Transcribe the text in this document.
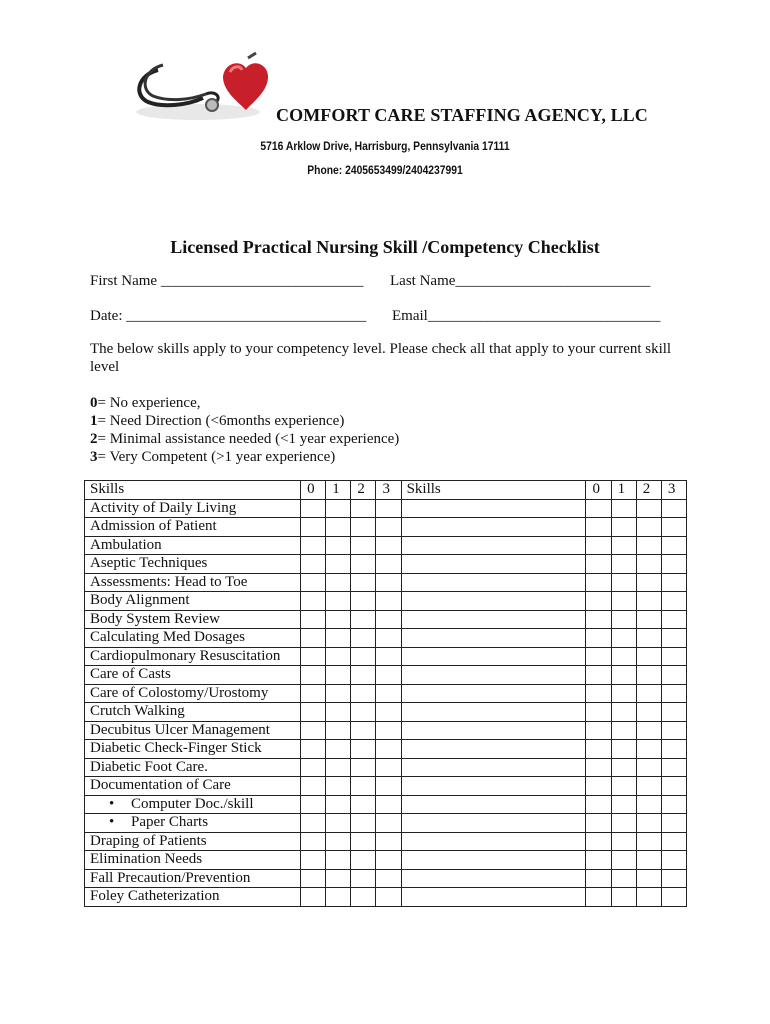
COMFORT CARE STAFFING AGENCY, LLC
5716 Arklow Drive, Harrisburg, Pennsylvania 17111
Phone: 2405653499/2404237991
Licensed Practical Nursing Skill /Competency Checklist
First Name ___________________________ Last Name__________________________
Date: ________________________________ Email_______________________________
The below skills apply to your competency level. Please check all that apply to your current skill level
0= No experience,
1= Need Direction (<6months experience)
2= Minimal assistance needed (<1 year experience)
3= Very Competent (>1 year experience)
Skills	0	1	2	3	Skills	0	1	2	3
Activity of Daily Living									
Admission of Patient									
Ambulation									
Aseptic Techniques									
Assessments: Head to Toe									
Body Alignment									
Body System Review									
Calculating Med Dosages									
Cardiopulmonary Resuscitation									
Care of Casts									
Care of Colostomy/Urostomy									
Crutch Walking									
Decubitus Ulcer Management									
Diabetic Check-Finger Stick									
Diabetic Foot Care.									
Documentation of Care									
• Computer Doc./skill									
• Paper Charts									
Draping of Patients									
Elimination Needs									
Fall Precaution/Prevention									
Foley Catheterization									
